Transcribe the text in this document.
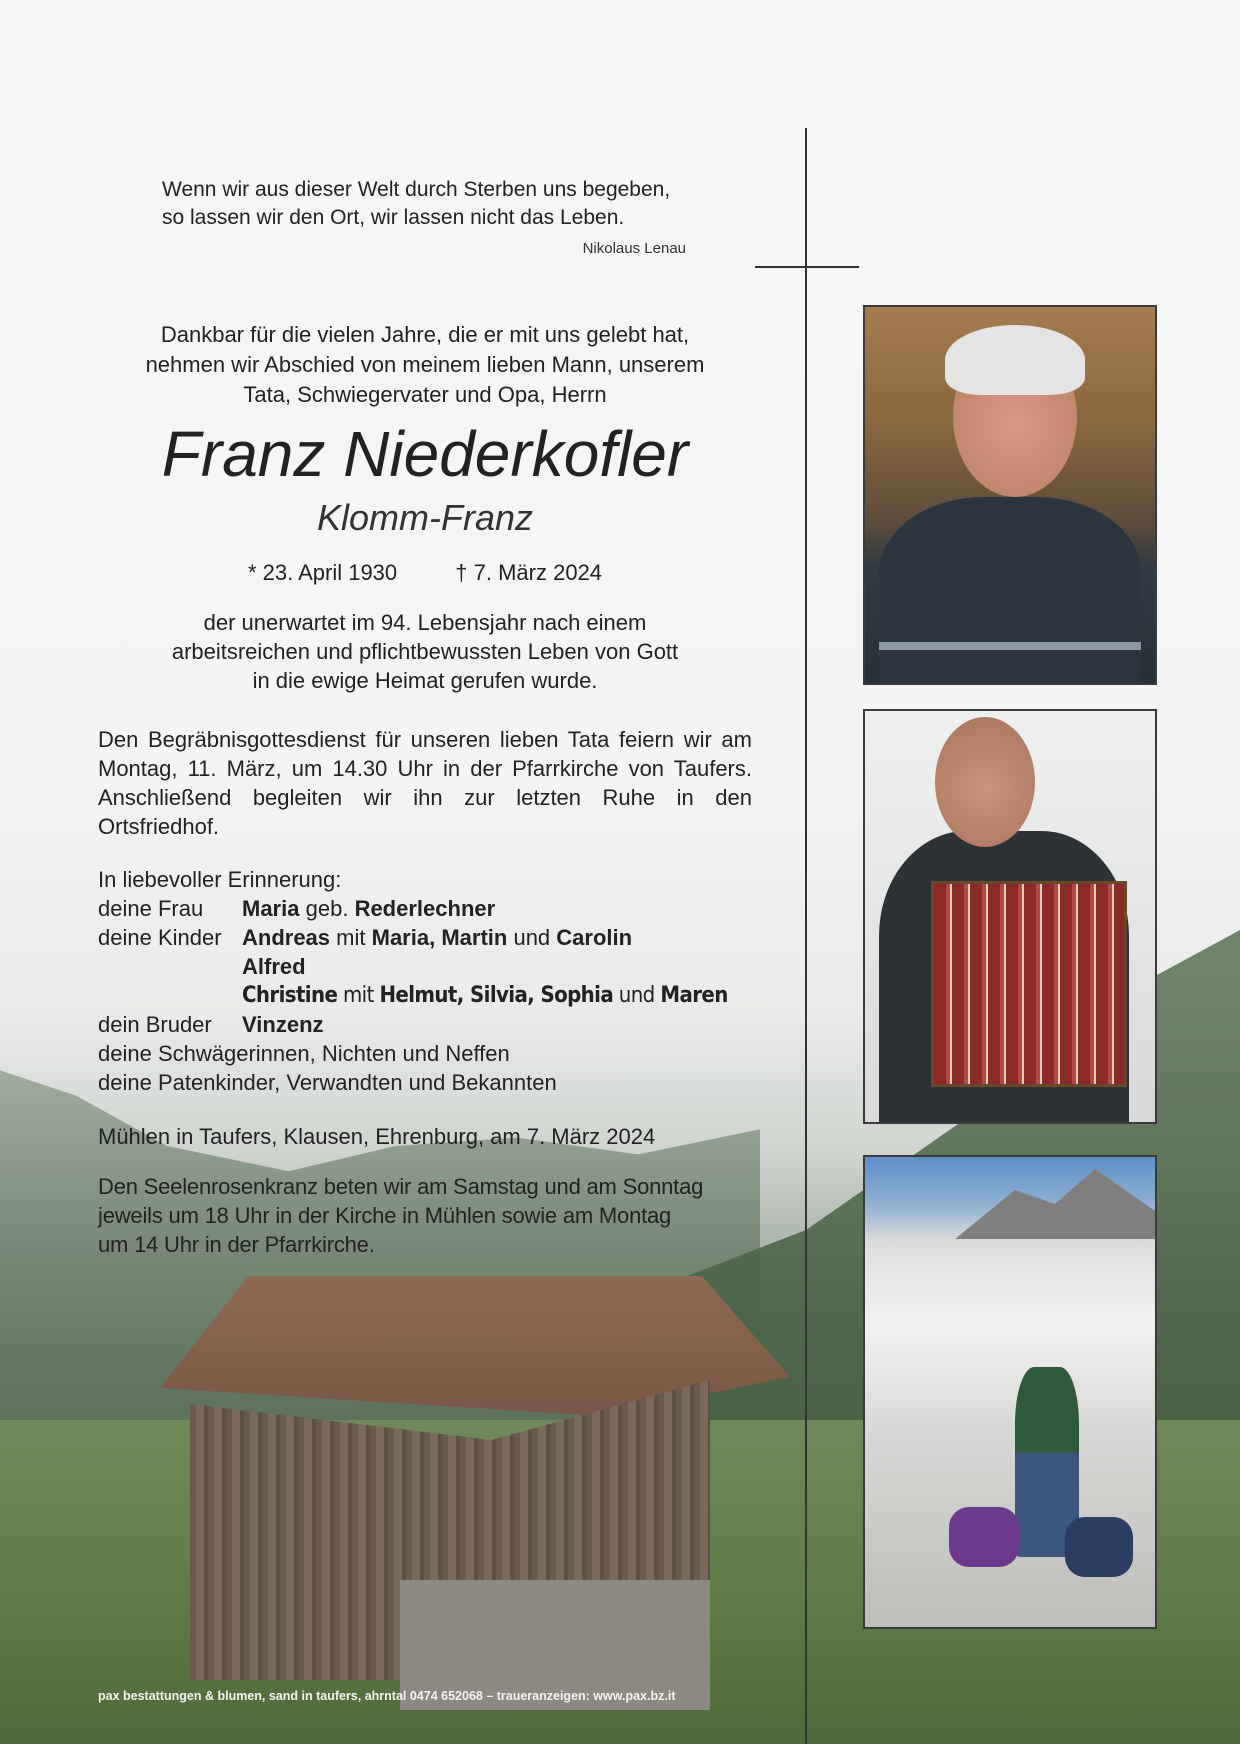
Wenn wir aus dieser Welt durch Sterben uns begeben,
so lassen wir den Ort, wir lassen nicht das Leben.
Nikolaus Lenau
Dankbar für die vielen Jahre, die er mit uns gelebt hat,
nehmen wir Abschied von meinem lieben Mann, unserem
Tata, Schwiegervater und Opa, Herrn
Franz Niederkofler
Klomm-Franz
* 23. April 1930	† 7. März 2024
der unerwartet im 94. Lebensjahr nach einem
arbeitsreichen und pflichtbewussten Leben von Gott
in die ewige Heimat gerufen wurde.
Den Begräbnisgottesdienst für unseren lieben Tata feiern wir am Montag, 11. März, um 14.30 Uhr in der Pfarrkirche von Taufers. Anschließend begleiten wir ihn zur letzten Ruhe in den Ortsfriedhof.
In liebevoller Erinnerung:
deine Frau Maria geb. Rederlechner
deine Kinder Andreas mit Maria, Martin und Carolin
Alfred
Christine mit Helmut, Silvia, Sophia und Maren
dein Bruder Vinzenz
deine Schwägerinnen, Nichten und Neffen
deine Patenkinder, Verwandten und Bekannten
Mühlen in Taufers, Klausen, Ehrenburg, am 7. März 2024
Den Seelenrosenkranz beten wir am Samstag und am Sonntag
jeweils um 18 Uhr in der Kirche in Mühlen sowie am Montag
um 14 Uhr in der Pfarrkirche.
pax bestattungen & blumen, sand in taufers, ahrntal 0474 652068 – traueranzeigen: www.pax.bz.it
